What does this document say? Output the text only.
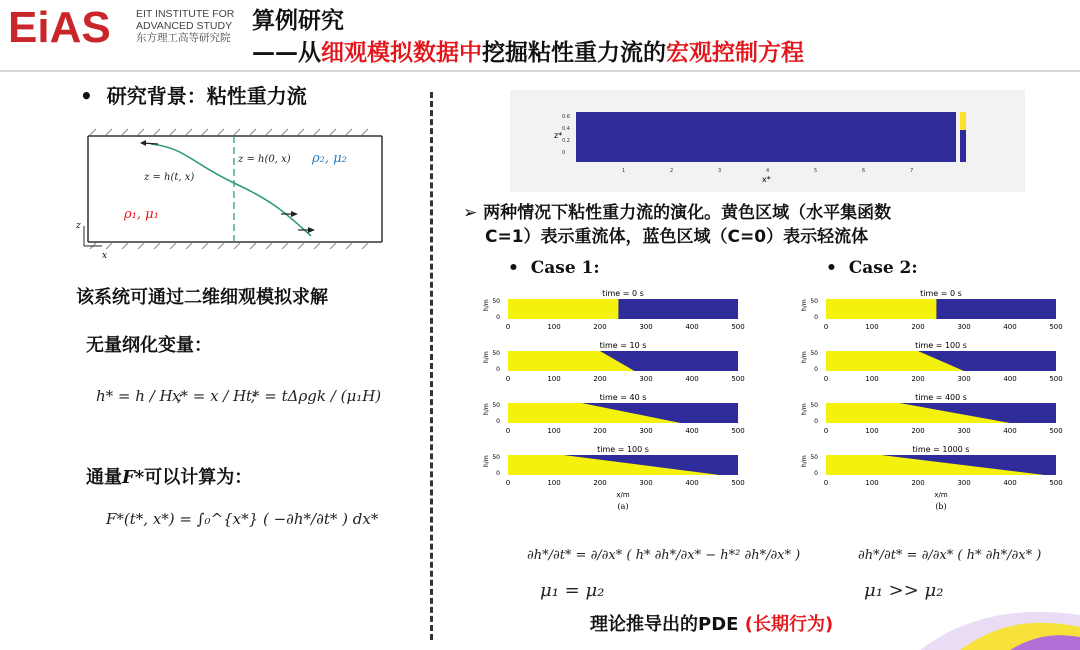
EiAS EIT INSTITUTE FOR
ADVANCED STUDY
东方理工高等研究院
算例研究
——从细观模拟数据中挖掘粘性重力流的宏观控制方程
•  研究背景：粘性重力流
z = h(0, x)
z = h(t, x)
ρ₂, μ₂
ρ₁, μ₁
z
x
该系统可通过二维细观模拟求解
无量纲化变量：
h* = h / H ;
x* = x / H ;
t* = tΔρgk / (μ₁H)
通量F*可以计算为：
F*(t*, x*) = ∫₀^{x*} ( −∂h*/∂t* ) dx*
z*
x*
0.6
0.4
0.2
0
1	2	3	4	5	6	7
➢ 两种情况下粘性重力流的演化。黄色区域（水平集函数
C=1）表示重流体，蓝色区域（C=0）表示轻流体
•  Case 1:	•  Case 2:
time = 0 s
50
0
h/m
0	100	200	300	400	500
time = 10 s
50
0
h/m
0	100	200	300	400	500
time = 40 s
50
0
h/m
0	100	200	300	400	500
time = 100 s
50
0
h/m
0	100	200	300	400	500
x/m
(a)
time = 0 s
50
0
h/m
0	100	200	300	400	500
time = 100 s
50
0
h/m
0	100	200	300	400	500
time = 400 s
50
0
h/m
0	100	200	300	400	500
time = 1000 s
50
0
h/m
0	100	200	300	400	500
x/m
(b)
∂h*/∂t* = ∂/∂x* ( h* ∂h*/∂x* − h*² ∂h*/∂x* )
μ₁ = μ₂
∂h*/∂t* = ∂/∂x* ( h* ∂h*/∂x* )
μ₁ >> μ₂
理论推导出的PDE (长期行为)
